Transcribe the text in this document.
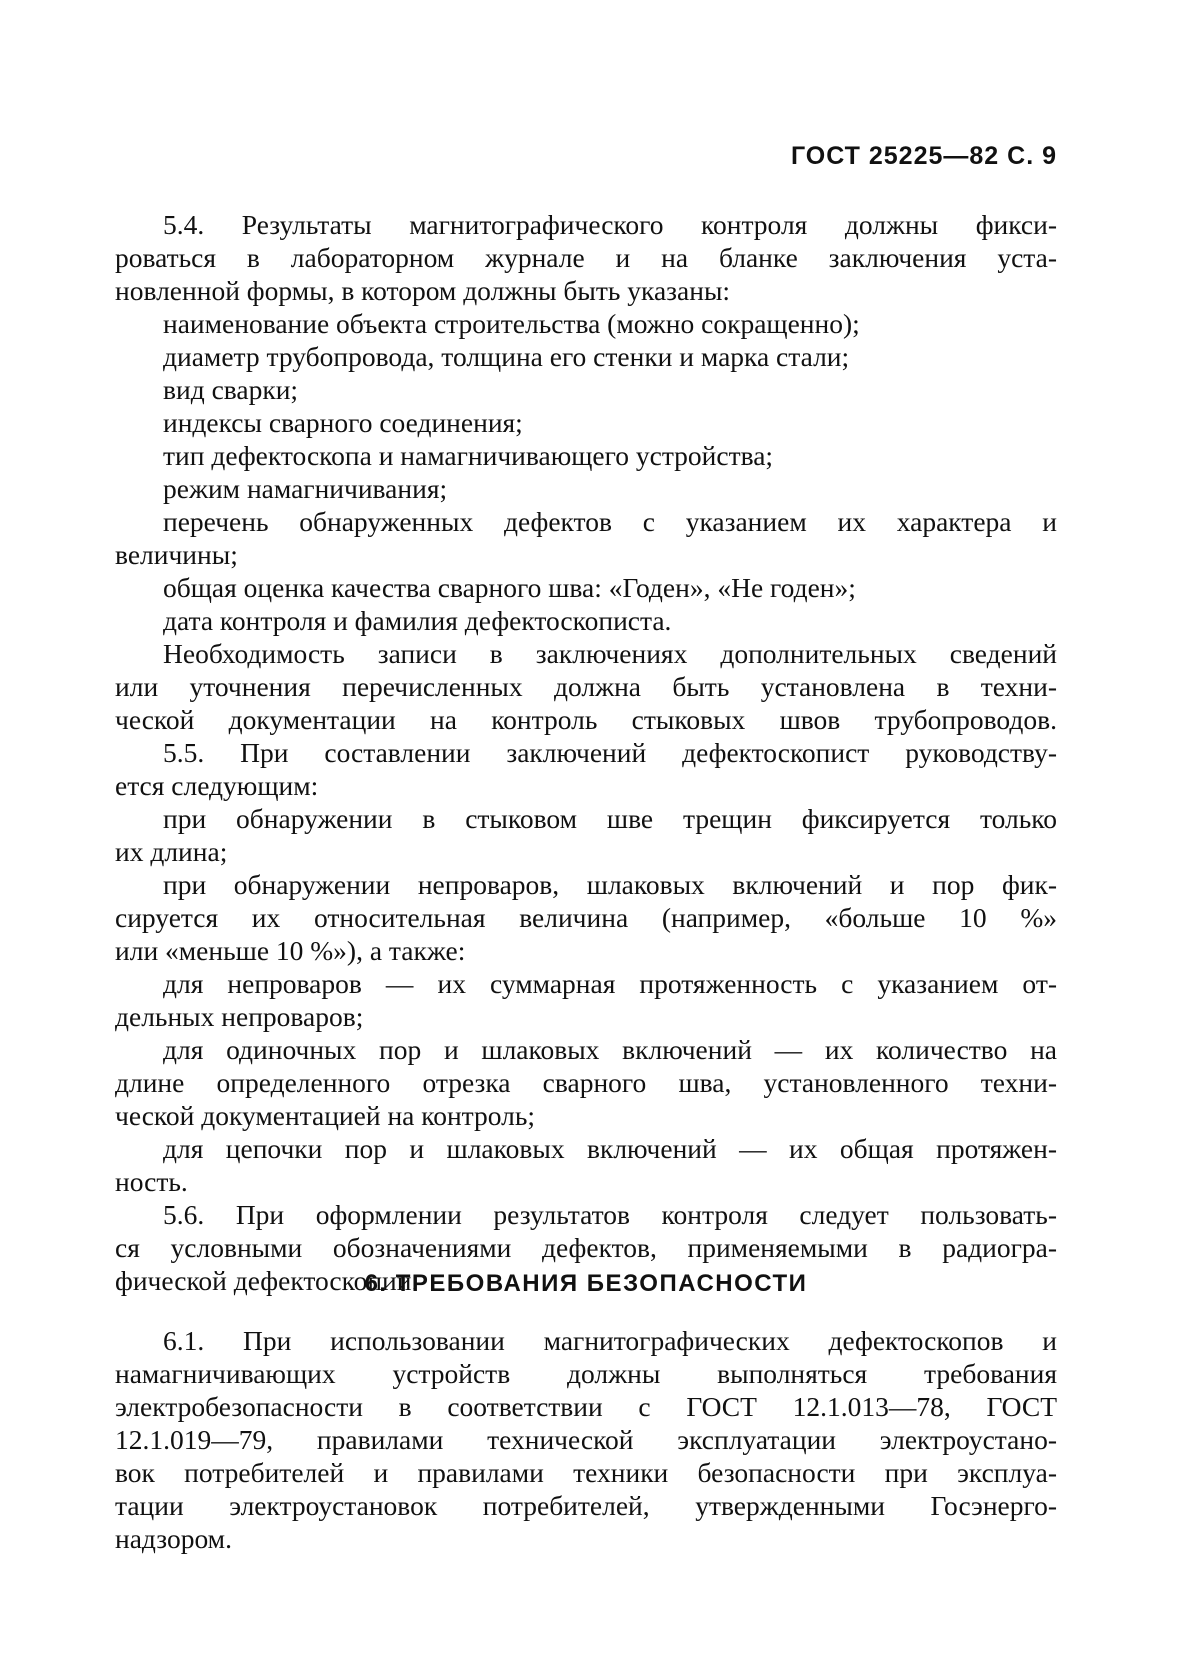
ГОСТ 25225—82 С. 9
5.4. Результаты магнитографического контроля должны фикси-
роваться в лабораторном журнале и на бланке заключения уста-
новленной формы, в котором должны быть указаны:
наименование объекта строительства (можно сокращенно);
диаметр трубопровода, толщина его стенки и марка стали;
вид сварки;
индексы сварного соединения;
тип дефектоскопа и намагничивающего устройства;
режим намагничивания;
перечень обнаруженных дефектов с указанием их характера и
величины;
общая оценка качества сварного шва: «Годен», «Не годен»;
дата контроля и фамилия дефектоскописта.
Необходимость записи в заключениях дополнительных сведений
или уточнения перечисленных должна быть установлена в техни-
ческой документации на контроль стыковых швов трубопроводов.
5.5. При составлении заключений дефектоскопист руководству-
ется следующим:
при обнаружении в стыковом шве трещин фиксируется только
их длина;
при обнаружении непроваров, шлаковых включений и пор фик-
сируется их относительная величина (например, «больше 10 %»
или «меньше 10 %»), а также:
для непроваров — их суммарная протяженность с указанием от-
дельных непроваров;
для одиночных пор и шлаковых включений — их количество на
длине определенного отрезка сварного шва, установленного техни-
ческой документацией на контроль;
для цепочки пор и шлаковых включений — их общая протяжен-
ность.
5.6. При оформлении результатов контроля следует пользовать-
ся условными обозначениями дефектов, применяемыми в радиогра-
фической дефектоскопии.
6. ТРЕБОВАНИЯ БЕЗОПАСНОСТИ
6.1. При использовании магнитографических дефектоскопов и
намагничивающих устройств должны выполняться требования
электробезопасности в соответствии с ГОСТ 12.1.013—78, ГОСТ
12.1.019—79, правилами технической эксплуатации электроустано-
вок потребителей и правилами техники безопасности при эксплуа-
тации электроустановок потребителей, утвержденными Госэнерго-
надзором.
